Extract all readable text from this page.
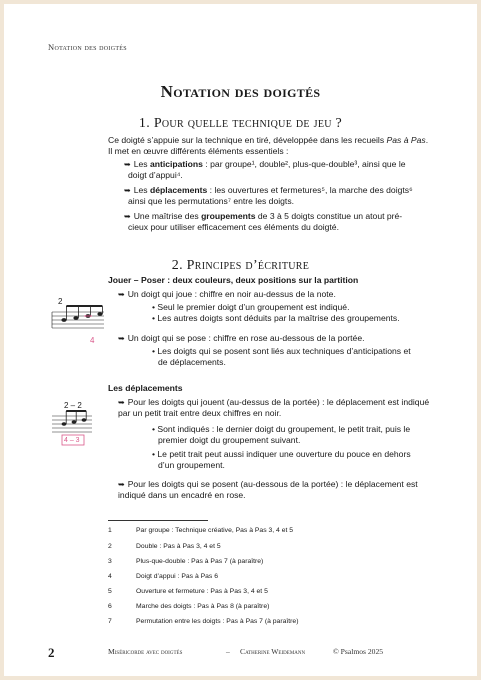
Notation des doigtés
Notation des doigtés
1. Pour quelle technique de jeu ?
Ce doigté s’appuie sur la technique en tiré, développée dans les recueils Pas à Pas.
Il met en œuvre différents éléments essentiels :
➥ Les anticipations : par groupe¹, double², plus-que-double³, ainsi que le
doigt d’appui⁴.
➥ Les déplacements : les ouvertures et fermetures⁵, la marche des doigts⁶
ainsi que les permutations⁷ entre les doigts.
➥ Une maîtrise des groupements de 3 à 5 doigts constitue un atout pré-
cieux pour utiliser efficacement ces éléments du doigté.
2. Principes d’écriture
Jouer – Poser : deux couleurs, deux positions sur la partition
2
4
➥ Un doigt qui joue : chiffre en noir au-dessus de la note.
• Seul le premier doigt d’un groupement est indiqué.
• Les autres doigts sont déduits par la maîtrise des groupements.
➥ Un doigt qui se pose : chiffre en rose au-dessous de la portée.
• Les doigts qui se posent sont liés aux techniques d’anticipations et
de déplacements.
Les déplacements
2 – 2
4 – 3
➥ Pour les doigts qui jouent (au-dessus de la portée) : le déplacement est indiqué
par un petit trait entre deux chiffres en noir.
• Sont indiqués : le dernier doigt du groupement, le petit trait, puis le
premier doigt du groupement suivant.
• Le petit trait peut aussi indiquer une ouverture du pouce en dehors
d’un groupement.
➥ Pour les doigts qui se posent (au-dessous de la portée) : le déplacement est
indiqué dans un encadré en rose.
1	Par groupe : Technique créative, Pas à Pas 3, 4 et 5
2	Double : Pas à Pas 3, 4 et 5
3	Plus-que-double : Pas à Pas 7 (à paraître)
4	Doigt d’appui : Pas à Pas 6
5	Ouverture et fermeture : Pas à Pas 3, 4 et 5
6	Marche des doigts : Pas à Pas 8 (à paraître)
7	Permutation entre les doigts : Pas à Pas 7 (à paraître)
2	Miséricorde avec doigtés	– Catherine Weidemann	© Psalmos 2025
